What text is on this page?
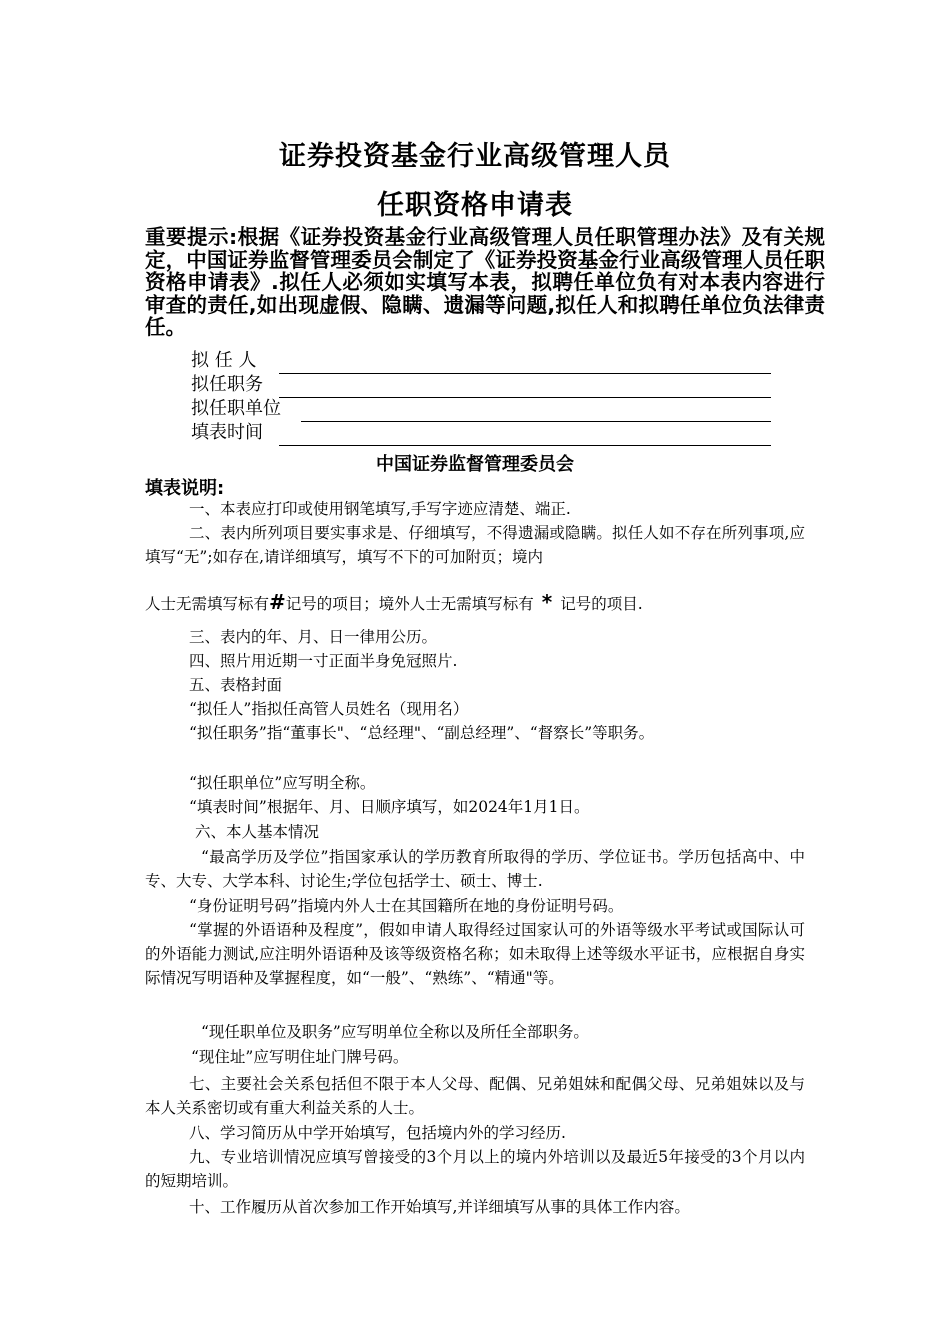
证券投资基金行业高级管理人员
任职资格申请表
重要提示:根据《证券投资基金行业高级管理人员任职管理办法》及有关规定，中国证券监督管理委员会制定了《证券投资基金行业高级管理人员任职资格申请表》.拟任人必须如实填写本表，拟聘任单位负有对本表内容进行审查的责任,如出现虚假、隐瞒、遗漏等问题,拟任人和拟聘任单位负法律责任。
拟 任 人
拟任职务
拟任职单位
填表时间
中国证券监督管理委员会
填表说明:
一、本表应打印或使用钢笔填写,手写字迹应清楚、端正.
二、表内所列项目要实事求是、仔细填写，不得遗漏或隐瞒。拟任人如不存在所列事项,应填写“无”;如存在,请详细填写，填写不下的可加附页；境内
人士无需填写标有#记号的项目；境外人士无需填写标有 * 记号的项目.
三、表内的年、月、日一律用公历。
四、照片用近期一寸正面半身免冠照片.
五、表格封面
“拟任人”指拟任高管人员姓名（现用名）
“拟任职务”指“董事长"、“总经理"、“副总经理”、“督察长”等职务。
“拟任职单位”应写明全称。
“填表时间”根据年、月、日顺序填写，如2024年1月1日。
六、本人基本情况
“最高学历及学位”指国家承认的学历教育所取得的学历、学位证书。学历包括高中、中专、大专、大学本科、讨论生;学位包括学士、硕士、博士.
“身份证明号码”指境内外人士在其国籍所在地的身份证明号码。
“掌握的外语语种及程度”，假如申请人取得经过国家认可的外语等级水平考试或国际认可的外语能力测试,应注明外语语种及该等级资格名称；如未取得上述等级水平证书，应根据自身实际情况写明语种及掌握程度，如“一般”、“熟练”、“精通"等。
“现任职单位及职务”应写明单位全称以及所任全部职务。
“现住址”应写明住址门牌号码。
七、主要社会关系包括但不限于本人父母、配偶、兄弟姐妹和配偶父母、兄弟姐妹以及与本人关系密切或有重大利益关系的人士。
八、学习简历从中学开始填写，包括境内外的学习经历.
九、专业培训情况应填写曾接受的3个月以上的境内外培训以及最近5年接受的3个月以内的短期培训。
十、工作履历从首次参加工作开始填写,并详细填写从事的具体工作内容。
